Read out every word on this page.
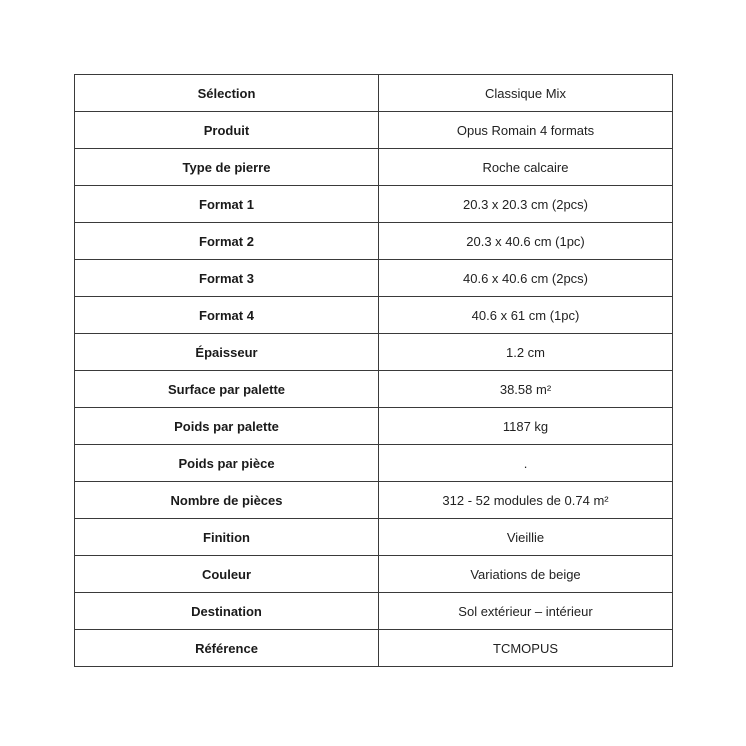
Sélection	Classique Mix
Produit	Opus Romain 4 formats
Type de pierre	Roche calcaire
Format 1	20.3 x 20.3 cm (2pcs)
Format 2	20.3 x 40.6 cm (1pc)
Format 3	40.6 x 40.6 cm (2pcs)
Format 4	40.6 x 61 cm (1pc)
Épaisseur	1.2 cm
Surface par palette	38.58 m²
Poids par palette	1187 kg
Poids par pièce	.
Nombre de pièces	312 - 52 modules de 0.74 m²
Finition	Vieillie
Couleur	Variations de beige
Destination	Sol extérieur – intérieur
Référence	TCMOPUS
